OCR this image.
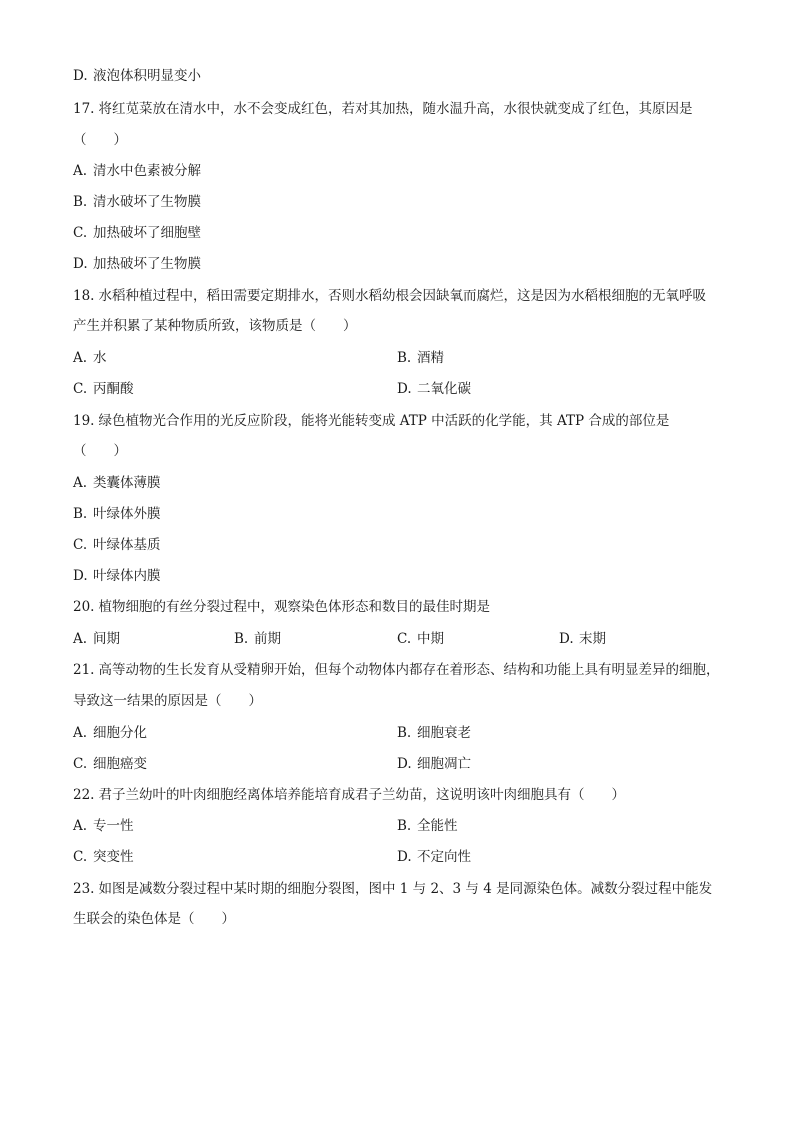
D. 液泡体积明显变小
17. 将红苋菜放在清水中，水不会变成红色，若对其加热，随水温升高，水很快就变成了红色，其原因是
（　　）
A. 清水中色素被分解
B. 清水破坏了生物膜
C. 加热破坏了细胞壁
D. 加热破坏了生物膜
18. 水稻种植过程中，稻田需要定期排水，否则水稻幼根会因缺氧而腐烂，这是因为水稻根细胞的无氧呼吸
产生并积累了某种物质所致，该物质是（　　）
A. 水	B. 酒精
C. 丙酮酸	D. 二氧化碳
19. 绿色植物光合作用的光反应阶段，能将光能转变成 ATP 中活跃的化学能，其 ATP 合成的部位是
（　　）
A. 类囊体薄膜
B. 叶绿体外膜
C. 叶绿体基质
D. 叶绿体内膜
20. 植物细胞的有丝分裂过程中，观察染色体形态和数目的最佳时期是
A. 间期	B. 前期	C. 中期	D. 末期
21. 高等动物的生长发育从受精卵开始，但每个动物体内都存在着形态、结构和功能上具有明显差异的细胞，
导致这一结果的原因是（　　）
A. 细胞分化	B. 细胞衰老
C. 细胞癌变	D. 细胞凋亡
22. 君子兰幼叶的叶肉细胞经离体培养能培育成君子兰幼苗，这说明该叶肉细胞具有（　　）
A. 专一性	B. 全能性
C. 突变性	D. 不定向性
23. 如图是减数分裂过程中某时期的细胞分裂图，图中 1 与 2、3 与 4 是同源染色体。减数分裂过程中能发
生联会的染色体是（　　）
